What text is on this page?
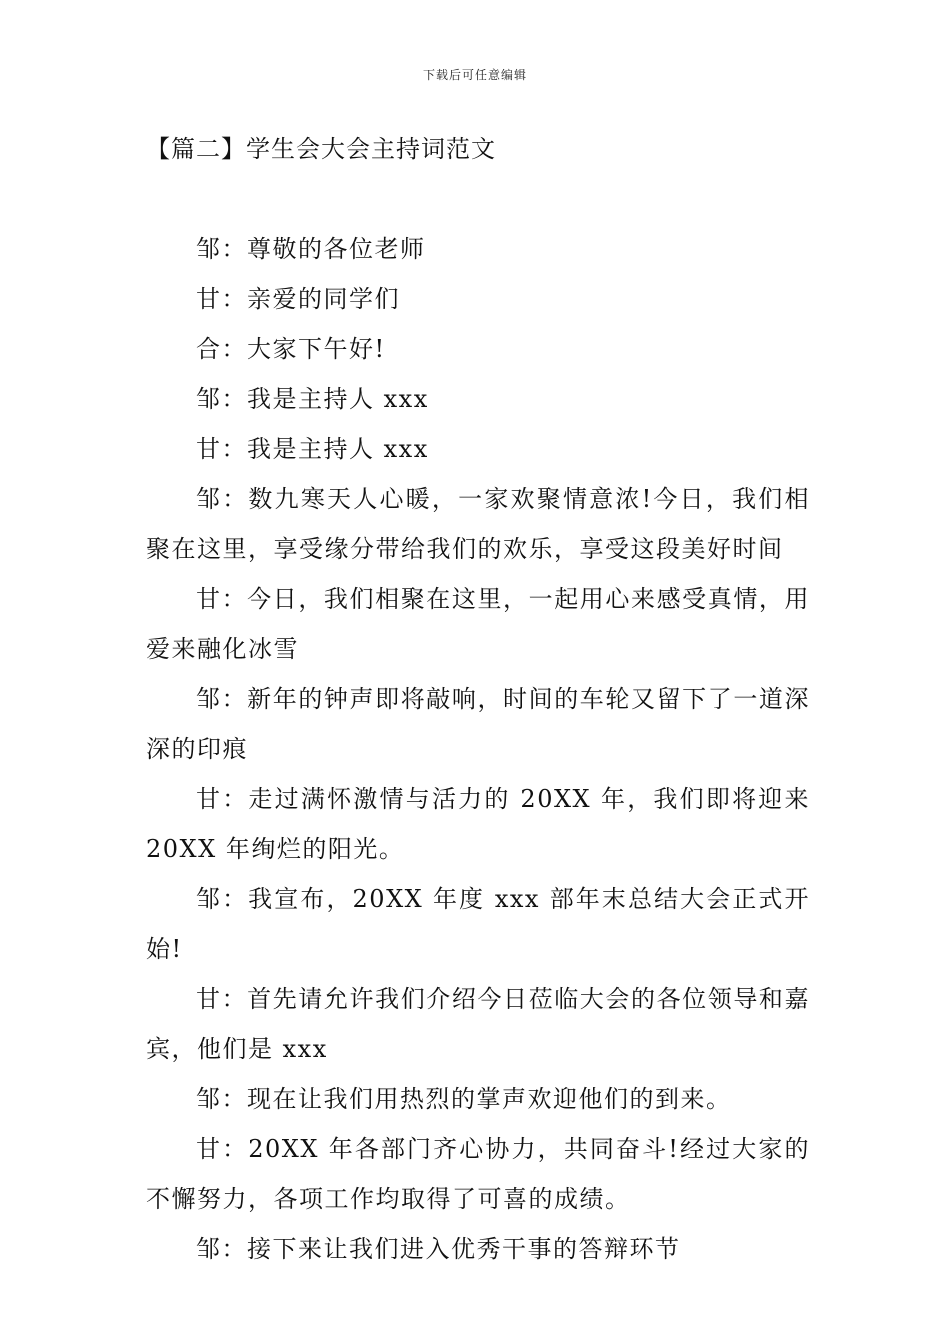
下载后可任意编辑
【篇二】学生会大会主持词范文

邹：尊敬的各位老师

甘：亲爱的同学们

合：大家下午好!

邹：我是主持人 xxx

甘：我是主持人 xxx

邹：数九寒天人心暖，一家欢聚情意浓!今日，我们相聚在这里，享受缘分带给我们的欢乐，享受这段美好时间

甘：今日，我们相聚在这里，一起用心来感受真情，用爱来融化冰雪

邹：新年的钟声即将敲响，时间的车轮又留下了一道深深的印痕

甘：走过满怀激情与活力的 20XX 年，我们即将迎来 20XX 年绚烂的阳光。

邹：我宣布，20XX 年度 xxx 部年末总结大会正式开始!

甘：首先请允许我们介绍今日莅临大会的各位领导和嘉宾，他们是 xxx

邹：现在让我们用热烈的掌声欢迎他们的到来。

甘：20XX 年各部门齐心协力，共同奋斗!经过大家的不懈努力，各项工作均取得了可喜的成绩。

邹：接下来让我们进入优秀干事的答辩环节
